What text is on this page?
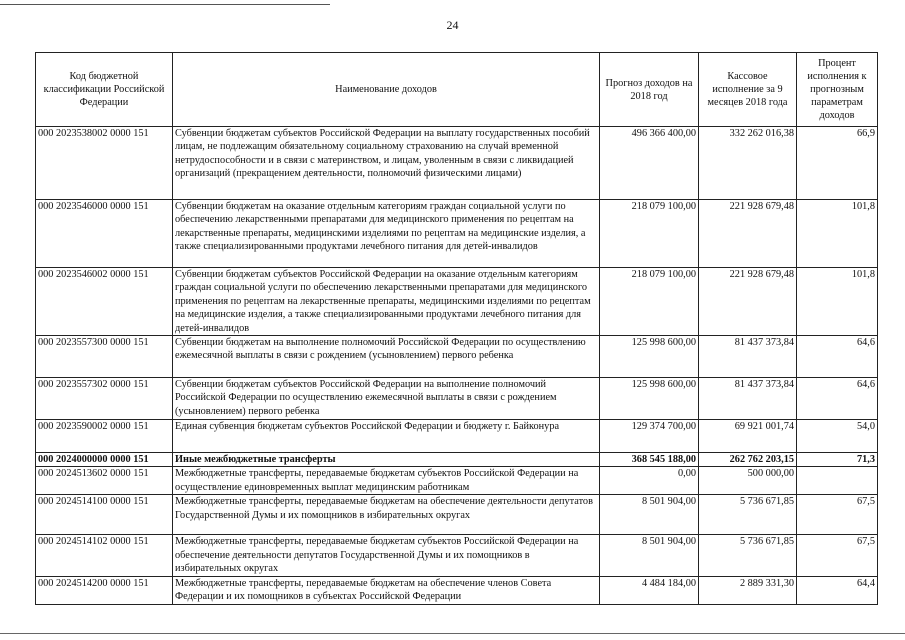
24
Код бюджетной классификации Российской Федерации	Наименование доходов	Прогноз доходов на 2018 год	Кассовое исполнение за 9 месяцев 2018 года	Процент исполнения к прогнозным параметрам доходов
000 2023538002 0000 151	Субвенции бюджетам субъектов Российской Федерации на выплату государственных пособий лицам, не подлежащим обязательному социальному страхованию на случай временной нетрудоспособности и в связи с материнством, и лицам, уволенным в связи с ликвидацией организаций (прекращением деятельности, полномочий физическими лицами)	496 366 400,00	332 262 016,38	66,9
000 2023546000 0000 151	Субвенции бюджетам на оказание отдельным категориям граждан социальной услуги по обеспечению лекарственными препаратами для медицинского применения по рецептам на лекарственные препараты, медицинскими изделиями по рецептам на медицинские изделия, а также специализированными продуктами лечебного питания для детей-инвалидов	218 079 100,00	221 928 679,48	101,8
000 2023546002 0000 151	Субвенции бюджетам субъектов Российской Федерации на оказание отдельным категориям граждан социальной услуги по обеспечению лекарственными препаратами для медицинского применения по рецептам на лекарственные препараты, медицинскими изделиями по рецептам на медицинские изделия, а также специализированными продуктами лечебного питания для детей-инвалидов	218 079 100,00	221 928 679,48	101,8
000 2023557300 0000 151	Субвенции бюджетам на выполнение полномочий Российской Федерации по осуществлению ежемесячной выплаты в связи с рождением (усыновлением) первого ребенка	125 998 600,00	81 437 373,84	64,6
000 2023557302 0000 151	Субвенции бюджетам субъектов Российской Федерации на выполнение полномочий Российской Федерации по осуществлению ежемесячной выплаты в связи с рождением (усыновлением) первого ребенка	125 998 600,00	81 437 373,84	64,6
000 2023590002 0000 151	Единая субвенция бюджетам субъектов Российской Федерации и бюджету г. Байконура	129 374 700,00	69 921 001,74	54,0
000 2024000000 0000 151	Иные межбюджетные трансферты	368 545 188,00	262 762 203,15	71,3
000 2024513602 0000 151	Межбюджетные трансферты, передаваемые бюджетам субъектов Российской Федерации на осуществление единовременных выплат медицинским работникам	0,00	500 000,00	
000 2024514100 0000 151	Межбюджетные трансферты, передаваемые бюджетам на обеспечение деятельности депутатов Государственной Думы и их помощников в избирательных округах	8 501 904,00	5 736 671,85	67,5
000 2024514102 0000 151	Межбюджетные трансферты, передаваемые бюджетам субъектов Российской Федерации на обеспечение деятельности депутатов Государственной Думы и их помощников в избирательных округах	8 501 904,00	5 736 671,85	67,5
000 2024514200 0000 151	Межбюджетные трансферты, передаваемые бюджетам на обеспечение членов Совета Федерации и их помощников в субъектах Российской Федерации	4 484 184,00	2 889 331,30	64,4
